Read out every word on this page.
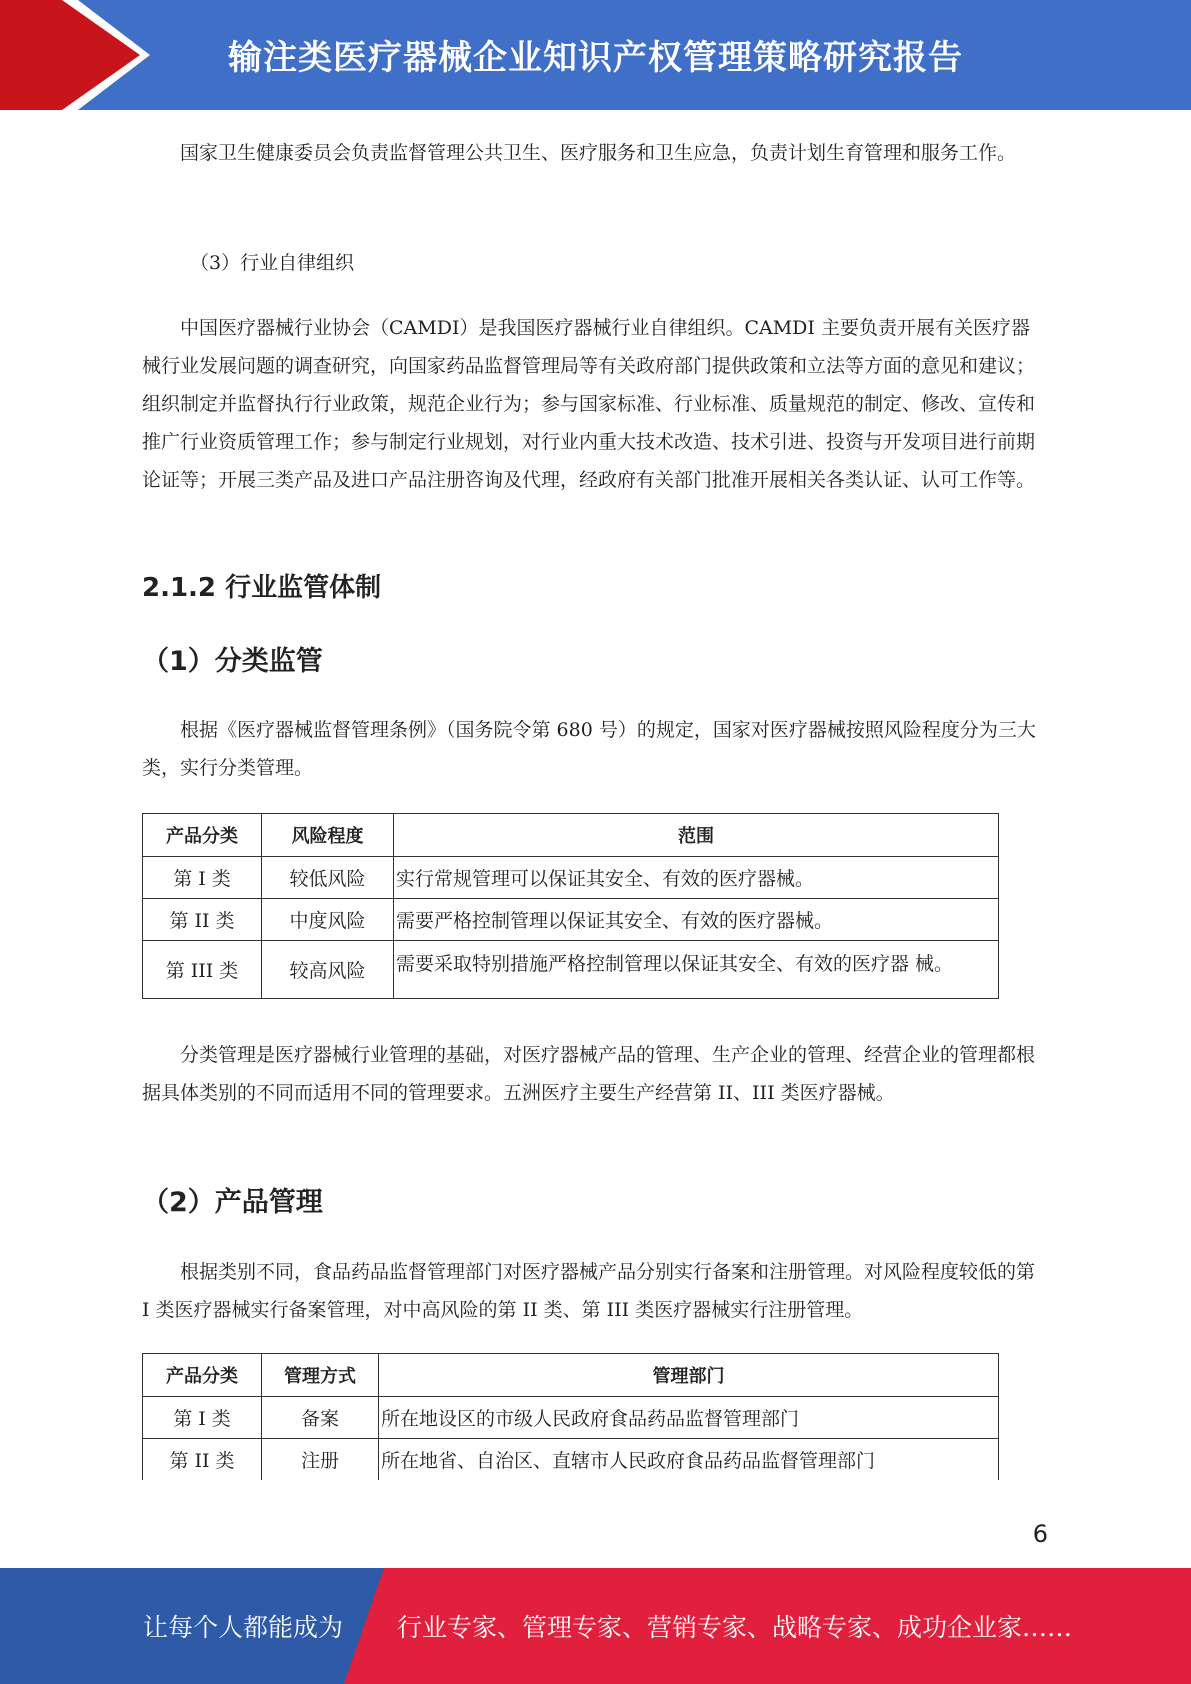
输注类医疗器械企业知识产权管理策略研究报告

国家卫生健康委员会负责监督管理公共卫生、医疗服务和卫生应急，负责计划生育管理和服务工作。

（3）行业自律组织

中国医疗器械行业协会（CAMDI）是我国医疗器械行业自律组织。CAMDI 主要负责开展有关医疗器械行业发展问题的调查研究，向国家药品监督管理局等有关政府部门提供政策和立法等方面的意见和建议；组织制定并监督执行行业政策，规范企业行为；参与国家标准、行业标准、质量规范的制定、修改、宣传和推广行业资质管理工作；参与制定行业规划，对行业内重大技术改造、技术引进、投资与开发项目进行前期论证等；开展三类产品及进口产品注册咨询及代理，经政府有关部门批准开展相关各类认证、认可工作等。

2.1.2 行业监管体制
（1）分类监管

根据《医疗器械监督管理条例》（国务院令第 680 号）的规定，国家对医疗器械按照风险程度分为三大类，实行分类管理。

产品分类	风险程度	范围
第 I 类	较低风险	实行常规管理可以保证其安全、有效的医疗器械。
第 II 类	中度风险	需要严格控制管理以保证其安全、有效的医疗器械。
第 III 类	较高风险	需要采取特别措施严格控制管理以保证其安全、有效的医疗器 械。

分类管理是医疗器械行业管理的基础，对医疗器械产品的管理、生产企业的管理、经营企业的管理都根据具体类别的不同而适用不同的管理要求。五洲医疗主要生产经营第 II、III 类医疗器械。

（2）产品管理

根据类别不同，食品药品监督管理部门对医疗器械产品分别实行备案和注册管理。对风险程度较低的第 I 类医疗器械实行备案管理，对中高风险的第 II 类、第 III 类医疗器械实行注册管理。

产品分类	管理方式	管理部门
第 I 类	备案	所在地设区的市级人民政府食品药品监督管理部门
第 II 类	注册	所在地省、自治区、直辖市人民政府食品药品监督管理部门
6
让每个人都能成为 行业专家、管理专家、营销专家、战略专家、成功企业家……
